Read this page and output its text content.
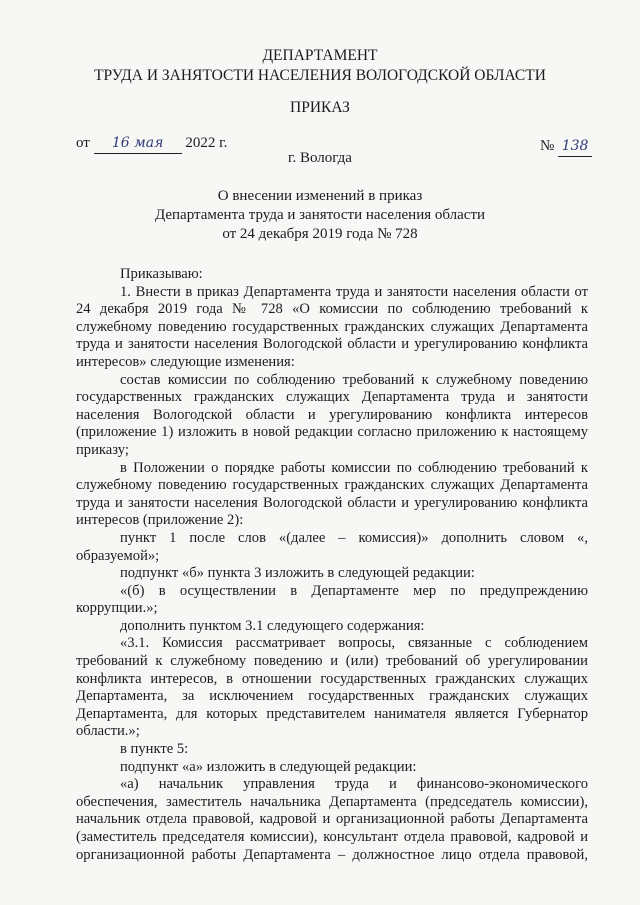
ДЕПАРТАМЕНТ
ТРУДА И ЗАНЯТОСТИ НАСЕЛЕНИЯ ВОЛОГОДСКОЙ ОБЛАСТИ
ПРИКАЗ
от 16 мая 2022 г.	№ 138
г. Вологда
О внесении изменений в приказ
Департамента труда и занятости населения области
от 24 декабря 2019 года № 728

Приказываю:

1. Внести в приказ Департамента труда и занятости населения области от 24 декабря 2019 года № 728 «О комиссии по соблюдению требований к служебному поведению государственных гражданских служащих Департамента труда и занятости населения Вологодской области и урегулированию конфликта интересов» следующие изменения:

состав комиссии по соблюдению требований к служебному поведению государственных гражданских служащих Департамента труда и занятости населения Вологодской области и урегулированию конфликта интересов (приложение 1) изложить в новой редакции согласно приложению к настоящему приказу;

в Положении о порядке работы комиссии по соблюдению требований к служебному поведению государственных гражданских служащих Департамента труда и занятости населения Вологодской области и урегулированию конфликта интересов (приложение 2):

пункт 1 после слов «(далее – комиссия)» дополнить словом «, образуемой»;

подпункт «б» пункта 3 изложить в следующей редакции:

«(б) в осуществлении в Департаменте мер по предупреждению коррупции.»;

дополнить пунктом 3.1 следующего содержания:

«3.1. Комиссия рассматривает вопросы, связанные с соблюдением требований к служебному поведению и (или) требований об урегулировании конфликта интересов, в отношении государственных гражданских служащих Департамента, за исключением государственных гражданских служащих Департамента, для которых представителем нанимателя является Губернатор области.»;

в пункте 5:

подпункт «а» изложить в следующей редакции:

«а) начальник управления труда и финансово-экономического обеспечения, заместитель начальника Департамента (председатель комиссии), начальник отдела правовой, кадровой и организационной работы Департамента (заместитель председателя комиссии), консультант отдела правовой, кадровой и организационной работы Департамента – должностное лицо отдела правовой,
